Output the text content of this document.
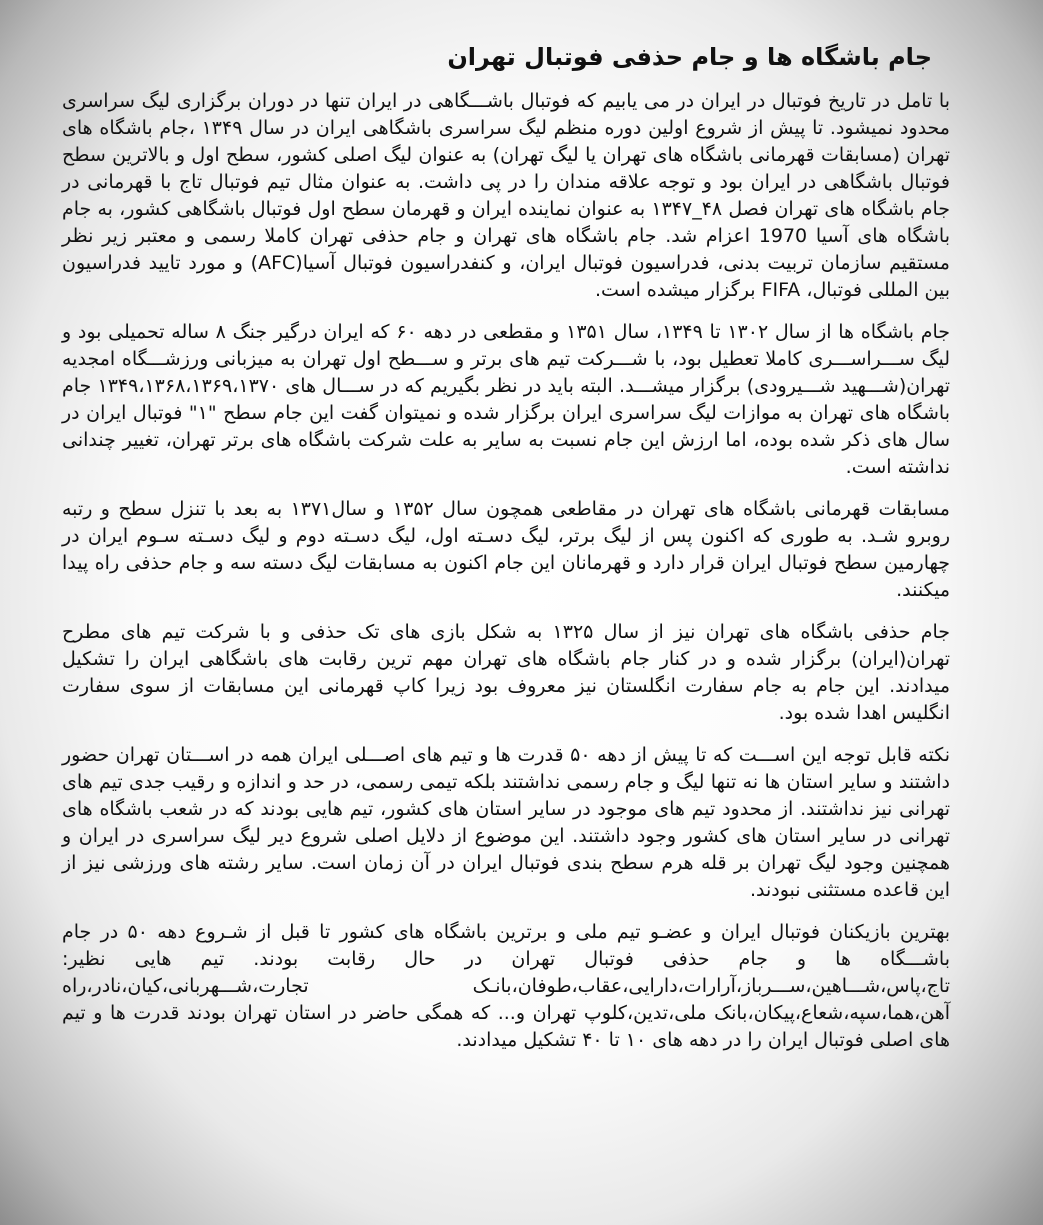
جام باشگاه ها و جام حذفی فوتبال تهران

با تامل در تاریخ فوتبال در ایران در می یابیم که فوتبال باشـــگاهی در ایران تنها در دوران برگزاری لیگ سراسری محدود نمیشود. تا پیش از شروع اولین دوره منظم لیگ سراسری باشگاهی ایران در سال ۱۳۴۹ ،جام باشگاه های تهران (مسابقات قهرمانی باشگاه های تهران یا لیگ تهران) به عنوان لیگ اصلی کشور، سطح اول و بالاترین سطح فوتبال باشگاهی در ایران بود و توجه علاقه مندان را در پی داشت. به عنوان مثال تیم فوتبال تاج با قهرمانی در جام باشگاه های تهران فصل ۴۸_۱۳۴۷ به عنوان نماینده ایران و قهرمان سطح اول فوتبال باشگاهی کشور، به جام باشگاه های آسیا 1970 اعزام شد. جام باشگاه های تهران و جام حذفی تهران کاملا رسمی و معتبر زیر نظر مستقیم سازمان تربیت بدنی، فدراسیون فوتبال ایران، و کنفدراسیون فوتبال آسیا(AFC) و مورد تایید فدراسیون بین المللی فوتبال، FIFA برگزار میشده است.

جام باشگاه ها از سال ۱۳۰۲ تا ۱۳۴۹، سال ۱۳۵۱ و مقطعی در دهه ۶۰ که ایران درگیر جنگ ۸ ساله تحمیلی بود و لیگ ســـراســـری کاملا تعطیل بود، با شـــرکت تیم های برتر و ســـطح اول تهران به میزبانی ورزشـــگاه امجدیه تهران(شـــهید شـــیرودی) برگزار میشـــد. البته باید در نظر بگیریم که در ســـال های ۱۳۴۹،۱۳۶۸،۱۳۶۹،۱۳۷۰ جام باشگاه های تهران به موازات لیگ سراسری ایران برگزار شده و نمیتوان گفت این جام سطح "۱" فوتبال ایران در سال های ذکر شده بوده، اما ارزش این جام نسبت به سایر به علت شرکت باشگاه های برتر تهران، تغییر چندانی نداشته است.

مسابقات قهرمانی باشگاه های تهران در مقاطعی همچون سال ۱۳۵۲ و سال۱۳۷۱ به بعد با تنزل سطح و رتبه روبرو شـد. به طوری که اکنون پس از لیگ برتر، لیگ دسـته اول، لیگ دسـته دوم و لیگ دسـته سـوم ایران در چهارمین سطح فوتبال ایران قرار دارد و قهرمانان این جام اکنون به مسابقات لیگ دسته سه و جام حذفی راه پیدا میکنند.

جام حذفی باشگاه های تهران نیز از سال ۱۳۲۵ به شکل بازی های تک حذفی و با شرکت تیم های مطرح تهران(ایران) برگزار شده و در کنار جام باشگاه های تهران مهم ترین رقابت های باشگاهی ایران را تشکیل میدادند. این جام به جام سفارت انگلستان نیز معروف بود زیرا کاپ قهرمانی این مسابقات از سوی سفارت انگلیس اهدا شده بود.

نکته قابل توجه این اســـت که تا پیش از دهه ۵۰ قدرت ها و تیم های اصـــلی ایران همه در اســـتان تهران حضور داشتند و سایر استان ها نه تنها لیگ و جام رسمی نداشتند بلکه تیمی رسمی، در حد و اندازه و رقیب جدی تیم های تهرانی نیز نداشتند. از محدود تیم های موجود در سایر استان های کشور، تیم هایی بودند که در شعب باشگاه های تهرانی در سایر استان های کشور وجود داشتند. این موضوع از دلایل اصلی شروع دیر لیگ سراسری در ایران و همچنین وجود لیگ تهران بر قله هرم سطح بندی فوتبال ایران در آن زمان است. سایر رشته های ورزشی نیز از این قاعده مستثنی نبودند.

بهترین بازیکنان فوتبال ایران و عضـو تیم ملی و برترین باشگاه های کشور تا قبل از شـروع دهه ۵۰ در جام باشـــگاه ها و جام حذفی فوتبال تهران در حال رقابت بودند. تیم هایی نظیر: تاج،پاس،شـــاهین،ســـرباز،آرارات،دارایی،عقاب،طوفان،بانـک تجارت،شـــهربانی،کیان،نادر،راه آهن،هما،سپه،شعاع،پیکان،بانک ملی،تدین،کلوپ تهران و... که همگی حاضر در استان تهران بودند قدرت ها و تیم های اصلی فوتبال ایران را در دهه های ۱۰ تا ۴۰ تشکیل میدادند.
